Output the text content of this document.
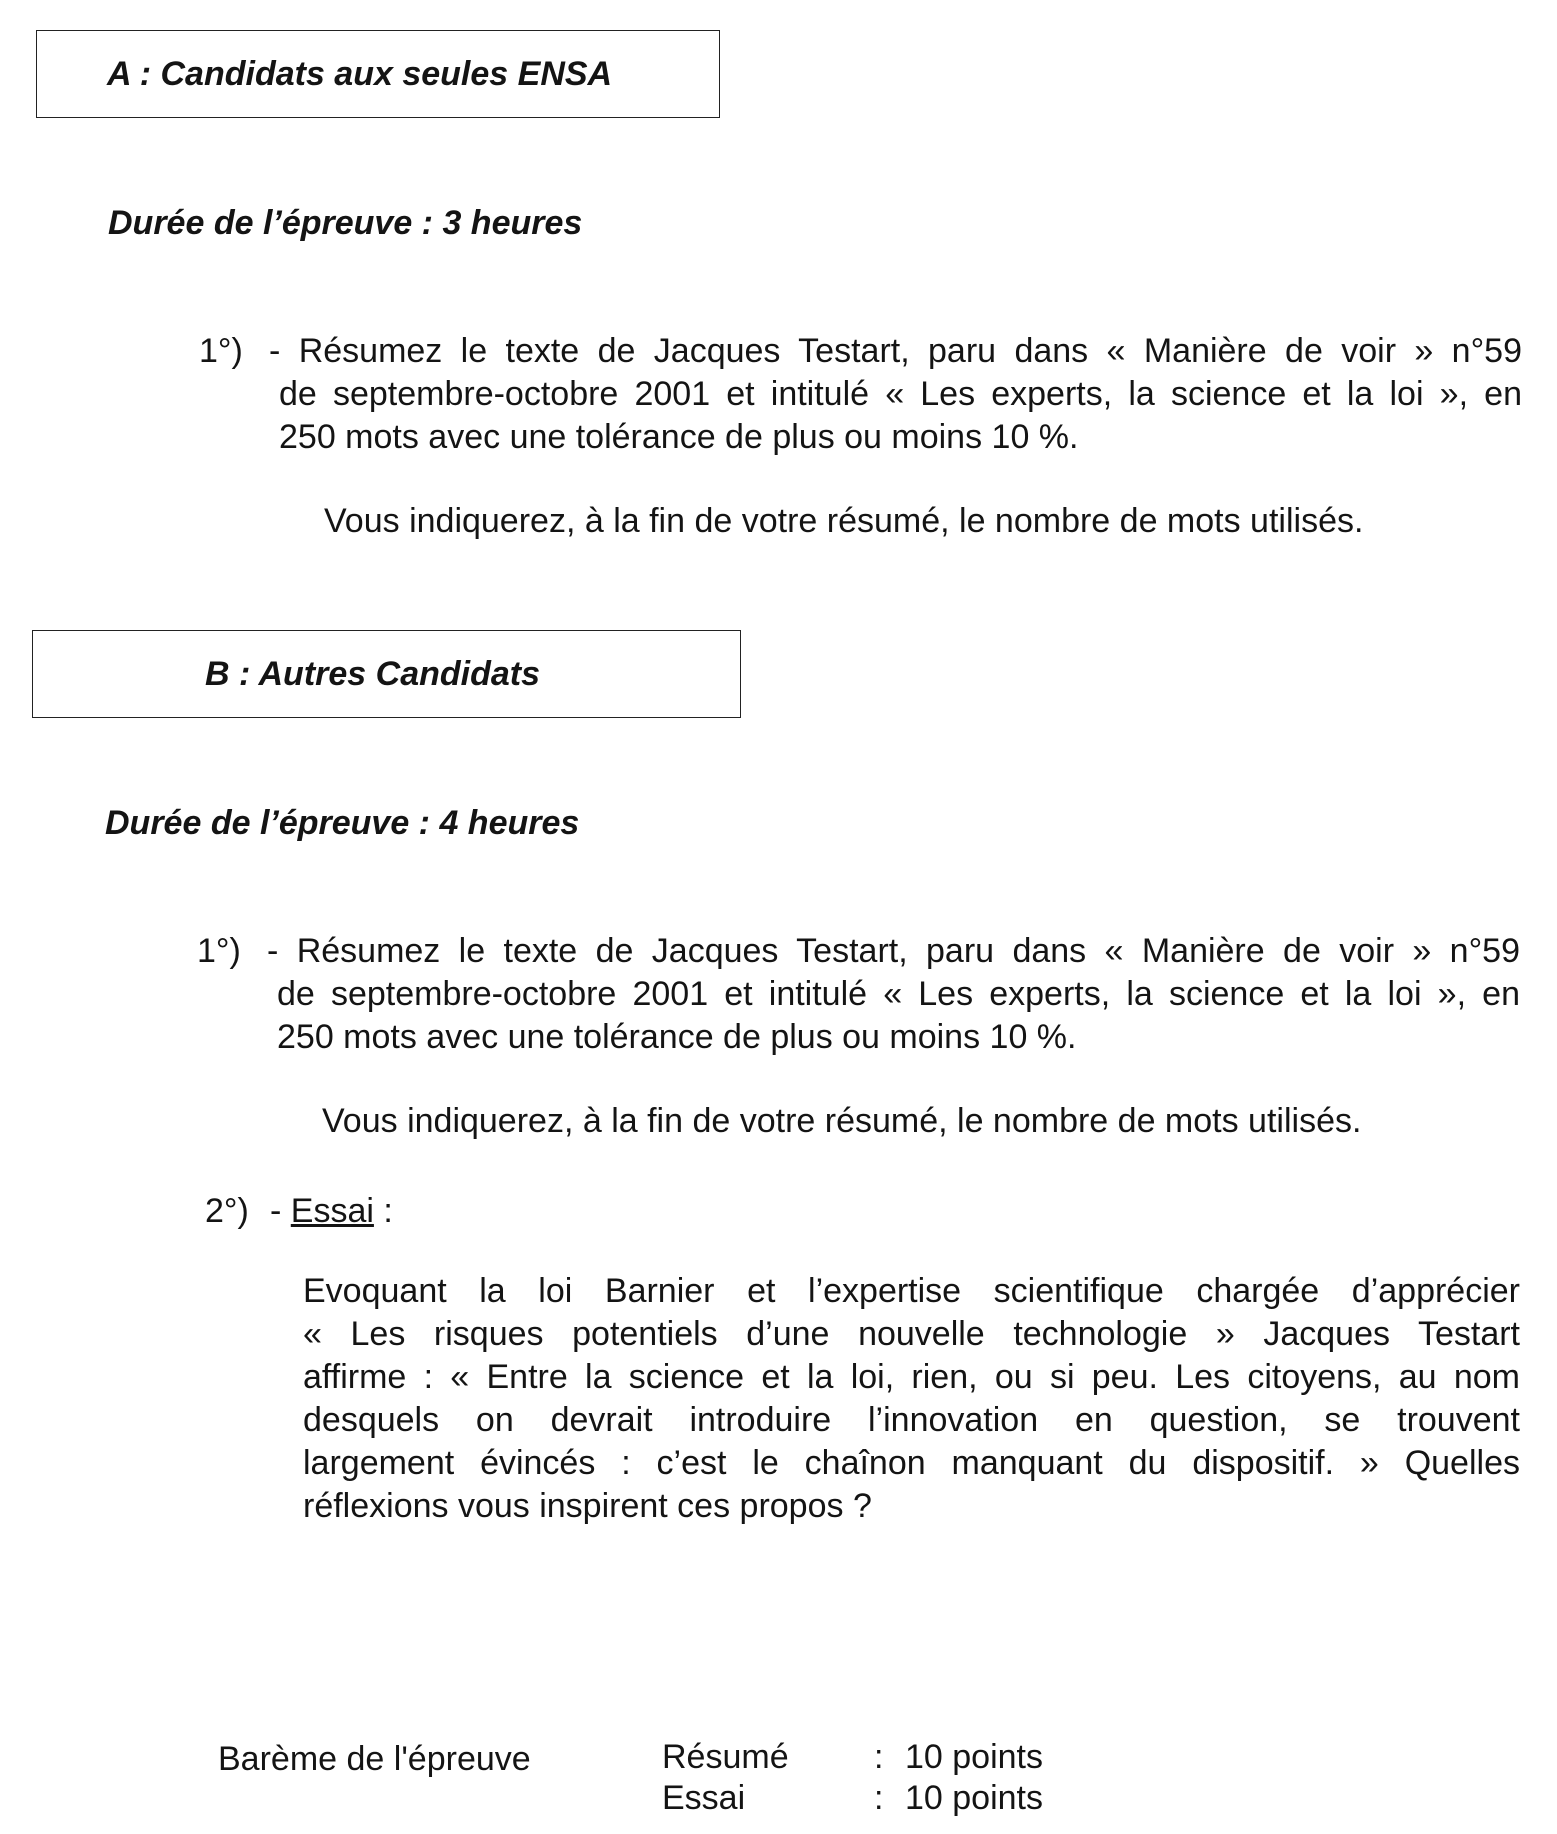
A : Candidats aux seules ENSA
Durée de l’épreuve : 3 heures
1°) - Résumez le texte de Jacques Testart, paru dans « Manière de voir » n°59
de septembre-octobre 2001 et intitulé « Les experts, la science et la loi », en
250 mots avec une tolérance de plus ou moins 10 %.
Vous indiquerez, à la fin de votre résumé, le nombre de mots utilisés.
B : Autres Candidats
Durée de l’épreuve : 4 heures
1°) - Résumez le texte de Jacques Testart, paru dans « Manière de voir » n°59
de septembre-octobre 2001 et intitulé « Les experts, la science et la loi », en
250 mots avec une tolérance de plus ou moins 10 %.
Vous indiquerez, à la fin de votre résumé, le nombre de mots utilisés.
2°) - Essai :
Evoquant la loi Barnier et l’expertise scientifique chargée d’apprécier
« Les risques potentiels d’une nouvelle technologie » Jacques Testart
affirme : « Entre la science et la loi, rien, ou si peu. Les citoyens, au nom
desquels on devrait introduire l’innovation en question, se trouvent
largement évincés : c’est le chaînon manquant du dispositif. » Quelles
réflexions vous inspirent ces propos ?
Barème de l'épreuve	Résumé	: 10 points
Essai	: 10 points
